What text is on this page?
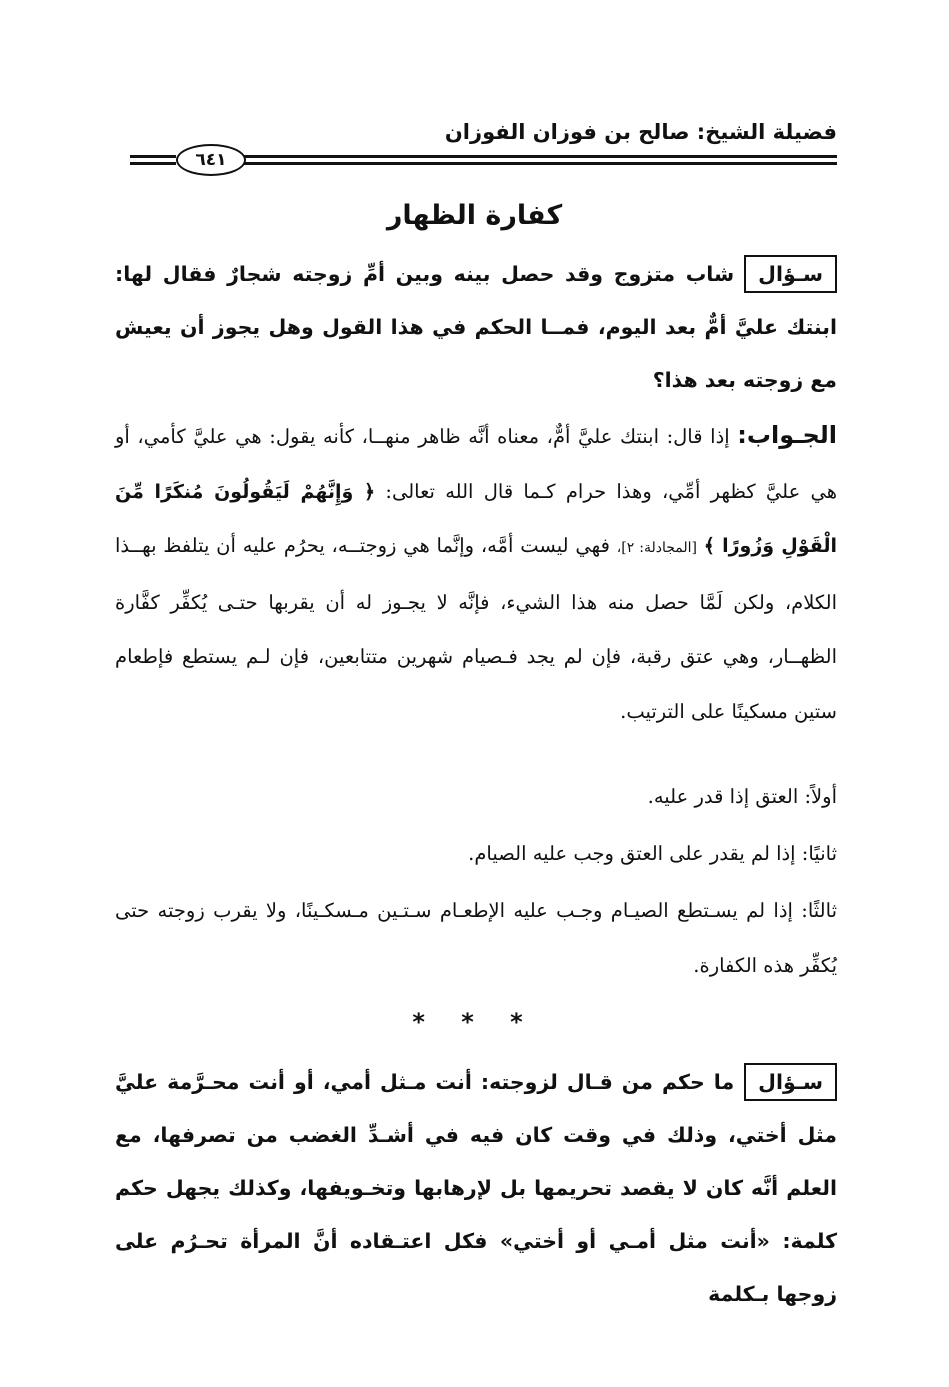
فضيلة الشيخ: صالح بن فوزان الفوزان
٦٤١
كفارة الظهار
سـؤالشاب متزوج وقد حصل بينه وبين أمِّ زوجته شجارٌ فقال لها: ابنتك عليَّ أمٌّ بعد اليوم، فمــا الحكم في هذا القول وهل يجوز أن يعيش مع زوجته بعد هذا؟
الجـواب: إذا قال: ابنتك عليَّ أمٌّ، معناه أنَّه ظاهر منهــا، كأنه يقول: هي عليَّ كأمي، أو هي عليَّ كظهر أمِّي، وهذا حرام كـما قال الله تعالى: ﴿ وَإِنَّهُمْ لَيَقُولُونَ مُنكَرًا مِّنَ الْقَوْلِ وَزُورًا ﴾ [المجادلة: ٢]، فهي ليست أمَّه، وإنَّما هي زوجتــه، يحرُم عليه أن يتلفظ بهــذا الكلام، ولكن لَمَّا حصل منه هذا الشيء، فإنَّه لا يجـوز له أن يقربها حتـى يُكفِّر كفَّارة الظهــار، وهي عتق رقبة، فإن لم يجد فـصيام شهرين متتابعين، فإن لـم يستطع فإطعام ستين مسكينًا على الترتيب.
أولاً: العتق إذا قدر عليه.
ثانيًا: إذا لم يقدر على العتق وجب عليه الصيام.
ثالثًا: إذا لم يسـتطع الصيـام وجـب عليه الإطعـام سـتـين مـسكـينًا، ولا يقرب زوجته حتى يُكفِّر هذه الكفارة.
* * *
سـؤالما حكم من قـال لزوجته: أنت مـثل أمي، أو أنت محـرَّمة عليَّ مثل أختي، وذلك في وقت كان فيه في أشـدِّ الغضب من تصرفها، مع العلم أنَّه كان لا يقصد تحريمها بل لإرهابها وتخـويفها، وكذلك يجهل حكم كلمة: «أنت مثل أمـي أو أختي» فكل اعتـقاده أنَّ المرأة تحـرُم على زوجها بـكلمة
